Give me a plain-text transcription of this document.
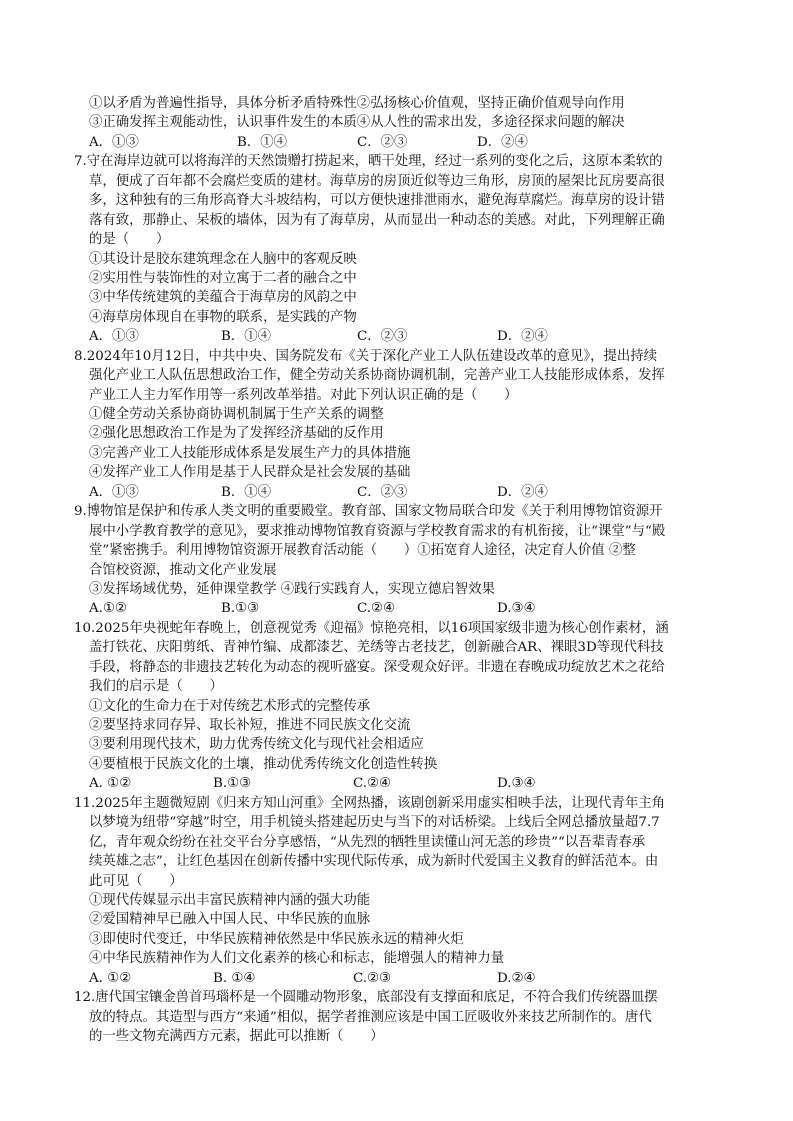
①以矛盾为普遍性指导，具体分析矛盾特殊性②弘扬核心价值观，坚持正确价值观导向作用
③正确发挥主观能动性，认识事件发生的本质④从人性的需求出发，多途径探求问题的解决
A．①③	B．①④	C．②③	D．②④
7.守在海岸边就可以将海洋的天然馈赠打捞起来，晒干处理，经过一系列的变化之后，这原本柔软的
草，便成了百年都不会腐烂变质的建材。海草房的房顶近似等边三角形，房顶的屋架比瓦房要高很
多，这种独有的三角形高脊大斗坡结构，可以方便快速排泄雨水，避免海草腐烂。海草房的设计错
落有致，那静止、呆板的墙体，因为有了海草房，从而显出一种动态的美感。对此，下列理解正确
的是（　　）
①其设计是胶东建筑理念在人脑中的客观反映
②实用性与装饰性的对立寓于二者的融合之中
③中华传统建筑的美蕴合于海草房的风韵之中
④海草房体现自在事物的联系，是实践的产物
A．①③	B．①④	C．②③	D．②④
8.2024年10月12日，中共中央、国务院发布《关于深化产业工人队伍建设改革的意见》，提出持续
强化产业工人队伍思想政治工作，健全劳动关系协商协调机制，完善产业工人技能形成体系，发挥
产业工人主力军作用等一系列改革举措。对此下列认识正确的是（　　）
①健全劳动关系协商协调机制属于生产关系的调整
②强化思想政治工作是为了发挥经济基础的反作用
③完善产业工人技能形成体系是发展生产力的具体措施
④发挥产业工人作用是基于人民群众是社会发展的基础
A．①③	B．①④	C．②③	D．②④
9.博物馆是保护和传承人类文明的重要殿堂。教育部、国家文物局联合印发《关于利用博物馆资源开
展中小学教育教学的意见》，要求推动博物馆教育资源与学校教育需求的有机衔接，让“课堂”与“殿
堂”紧密携手。利用博物馆资源开展教育活动能（　　）①拓宽育人途径，决定育人价值 ②整
合馆校资源，推动文化产业发展
③发挥场域优势，延伸课堂教学 ④践行实践育人，实现立德启智效果
A.①②	B.①③	C.②④	D.③④
10.2025年央视蛇年春晚上，创意视觉秀《迎福》惊艳亮相，以16项国家级非遗为核心创作素材，涵
盖打铁花、庆阳剪纸、青神竹编、成都漆艺、羌绣等古老技艺，创新融合AR、裸眼3D等现代科技
手段，将静态的非遗技艺转化为动态的视听盛宴。深受观众好评。非遗在春晚成功绽放艺术之花给
我们的启示是（　　）
①文化的生命力在于对传统艺术形式的完整传承
②要坚持求同存异、取长补短，推进不同民族文化交流
③要利用现代技术，助力优秀传统文化与现代社会相适应
④要植根于民族文化的土壤，推动优秀传统文化创造性转换
A. ①②	B.①③	C.②④	D.③④
11.2025年主题微短剧《归来方知山河重》全网热播，该剧创新采用虚实相映手法，让现代青年主角
以梦境为纽带“穿越”时空，用手机镜头搭建起历史与当下的对话桥梁。上线后全网总播放量超7.7
亿，青年观众纷纷在社交平台分享感悟，“从先烈的牺牲里读懂山河无恙的珍贵”“以吾辈青春承
续英雄之志”，让红色基因在创新传播中实现代际传承，成为新时代爱国主义教育的鲜活范本。由
此可见（　　）
①现代传媒显示出丰富民族精神内涵的强大功能
②爱国精神早已融入中国人民、中华民族的血脉
③即使时代变迁，中华民族精神依然是中华民族永远的精神火炬
④中华民族精神作为人们文化素养的核心和标志，能增强人的精神力量
A. ①②	B. ①④	C.②③	D.②④
12.唐代国宝镶金兽首玛瑙杯是一个圆雕动物形象，底部没有支撑面和底足，不符合我们传统器皿摆
放的特点。其造型与西方“来通”相似，据学者推测应该是中国工匠吸收外来技艺所制作的。唐代
的一些文物充满西方元素，据此可以推断（　　）
